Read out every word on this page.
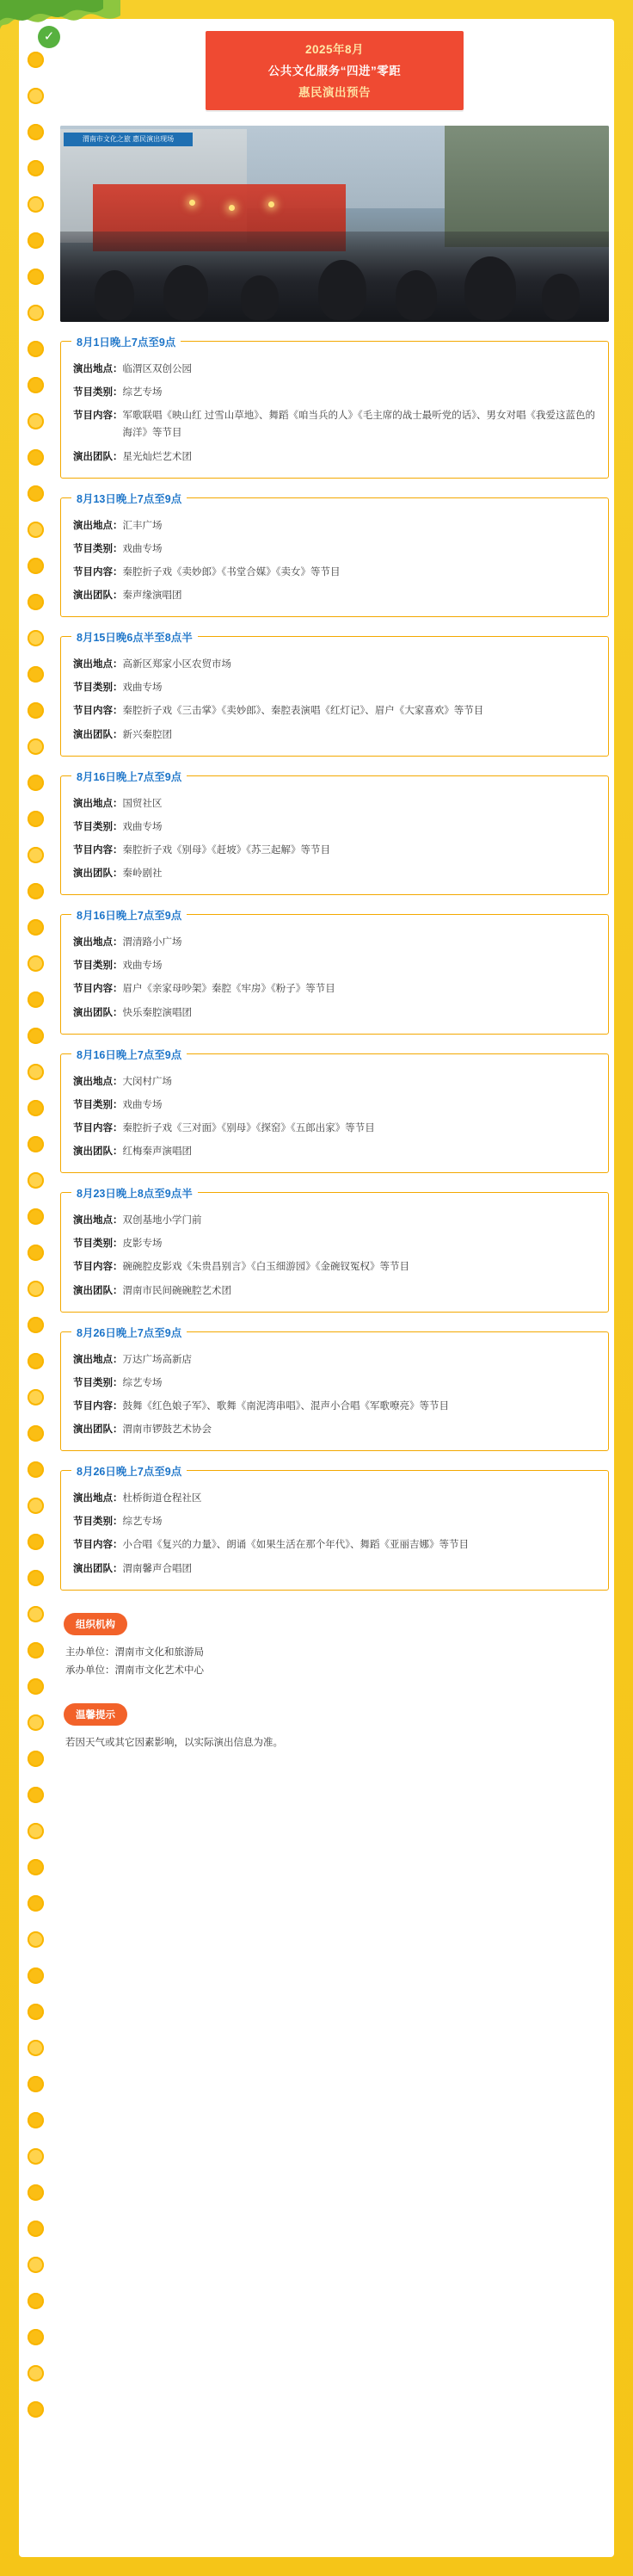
✓
2025年8月
公共文化服务“四进”零距
惠民演出预告
渭南市文化之旅 惠民演出现场
8月1日晚上7点至9点
演出地点： 临渭区双创公园
节目类别： 综艺专场
节目内容： 军歌联唱《映山红 过雪山草地》、舞蹈《咱当兵的人》《毛主席的战士最听党的话》、男女对唱《我爱这蓝色的海洋》等节目
演出团队： 星光灿烂艺术团
8月13日晚上7点至9点
演出地点： 汇丰广场
节目类别： 戏曲专场
节目内容： 秦腔折子戏《卖妙郎》《书堂合媒》《卖女》等节目
演出团队： 秦声缘演唱团
8月15日晚6点半至8点半
演出地点： 高新区郑家小区农贸市场
节目类别： 戏曲专场
节目内容： 秦腔折子戏《三击掌》《卖妙郎》、秦腔表演唱《红灯记》、眉户《大家喜欢》等节目
演出团队： 新兴秦腔团
8月16日晚上7点至9点
演出地点： 国贸社区
节目类别： 戏曲专场
节目内容： 秦腔折子戏《别母》《赶坡》《苏三起解》等节目
演出团队： 秦岭剧社
8月16日晚上7点至9点
演出地点： 渭清路小广场
节目类别： 戏曲专场
节目内容： 眉户《亲家母吵架》秦腔《牢房》《粉子》等节目
演出团队： 快乐秦腔演唱团
8月16日晚上7点至9点
演出地点： 大闵村广场
节目类别： 戏曲专场
节目内容： 秦腔折子戏《三对面》《别母》《探窑》《五郎出家》等节目
演出团队： 红梅秦声演唱团
8月23日晚上8点至9点半
演出地点： 双创基地小学门前
节目类别： 皮影专场
节目内容： 碗碗腔皮影戏《朱贵昌别言》《白玉细游园》《金碗钗冤权》等节目
演出团队： 渭南市民间碗碗腔艺术团
8月26日晚上7点至9点
演出地点： 万达广场高新店
节目类别： 综艺专场
节目内容： 鼓舞《红色娘子军》、歌舞《南泥湾串唱》、混声小合唱《军歌嘹亮》等节目
演出团队： 渭南市锣鼓艺术协会
8月26日晚上7点至9点
演出地点： 杜桥街道仓程社区
节目类别： 综艺专场
节目内容： 小合唱《复兴的力量》、朗诵《如果生活在那个年代》、舞蹈《亚丽吉娜》等节目
演出团队： 渭南馨声合唱团
组织机构
主办单位：渭南市文化和旅游局
承办单位：渭南市文化艺术中心
温馨提示
若因天气或其它因素影响，以实际演出信息为准。
